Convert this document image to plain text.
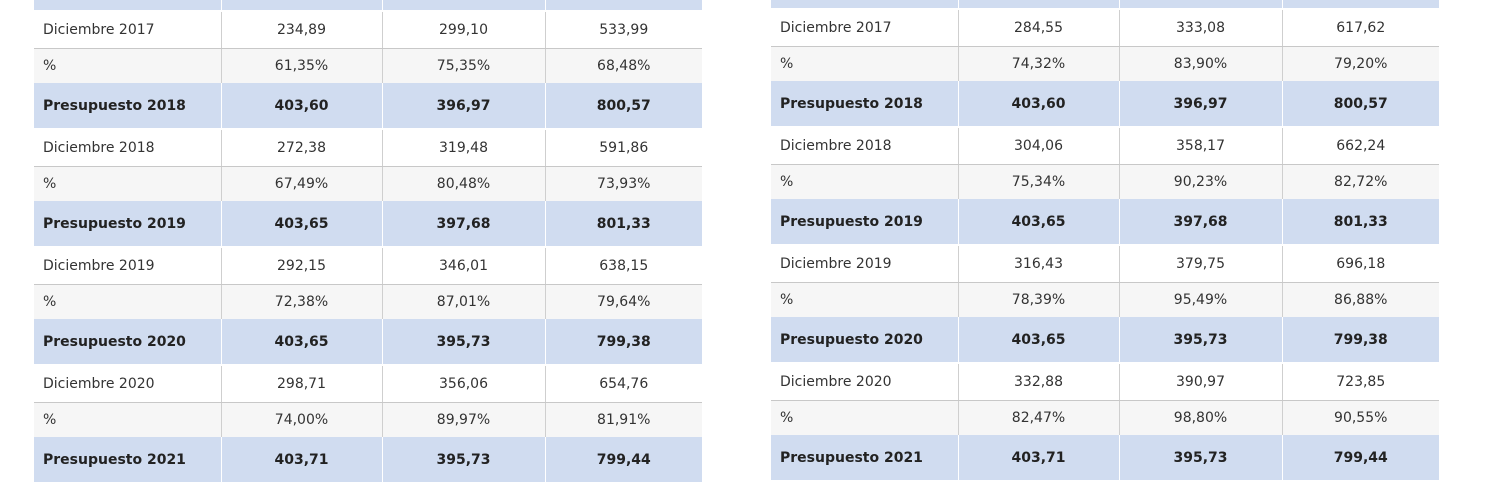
Diciembre 2017	234,89	299,10	533,99
%	61,35%	75,35%	68,48%
Presupuesto 2018	403,60	396,97	800,57
Diciembre 2018	272,38	319,48	591,86
%	67,49%	80,48%	73,93%
Presupuesto 2019	403,65	397,68	801,33
Diciembre 2019	292,15	346,01	638,15
%	72,38%	87,01%	79,64%
Presupuesto 2020	403,65	395,73	799,38
Diciembre 2020	298,71	356,06	654,76
%	74,00%	89,97%	81,91%
Presupuesto 2021	403,71	395,73	799,44

Diciembre 2017	284,55	333,08	617,62
%	74,32%	83,90%	79,20%
Presupuesto 2018	403,60	396,97	800,57
Diciembre 2018	304,06	358,17	662,24
%	75,34%	90,23%	82,72%
Presupuesto 2019	403,65	397,68	801,33
Diciembre 2019	316,43	379,75	696,18
%	78,39%	95,49%	86,88%
Presupuesto 2020	403,65	395,73	799,38
Diciembre 2020	332,88	390,97	723,85
%	82,47%	98,80%	90,55%
Presupuesto 2021	403,71	395,73	799,44
